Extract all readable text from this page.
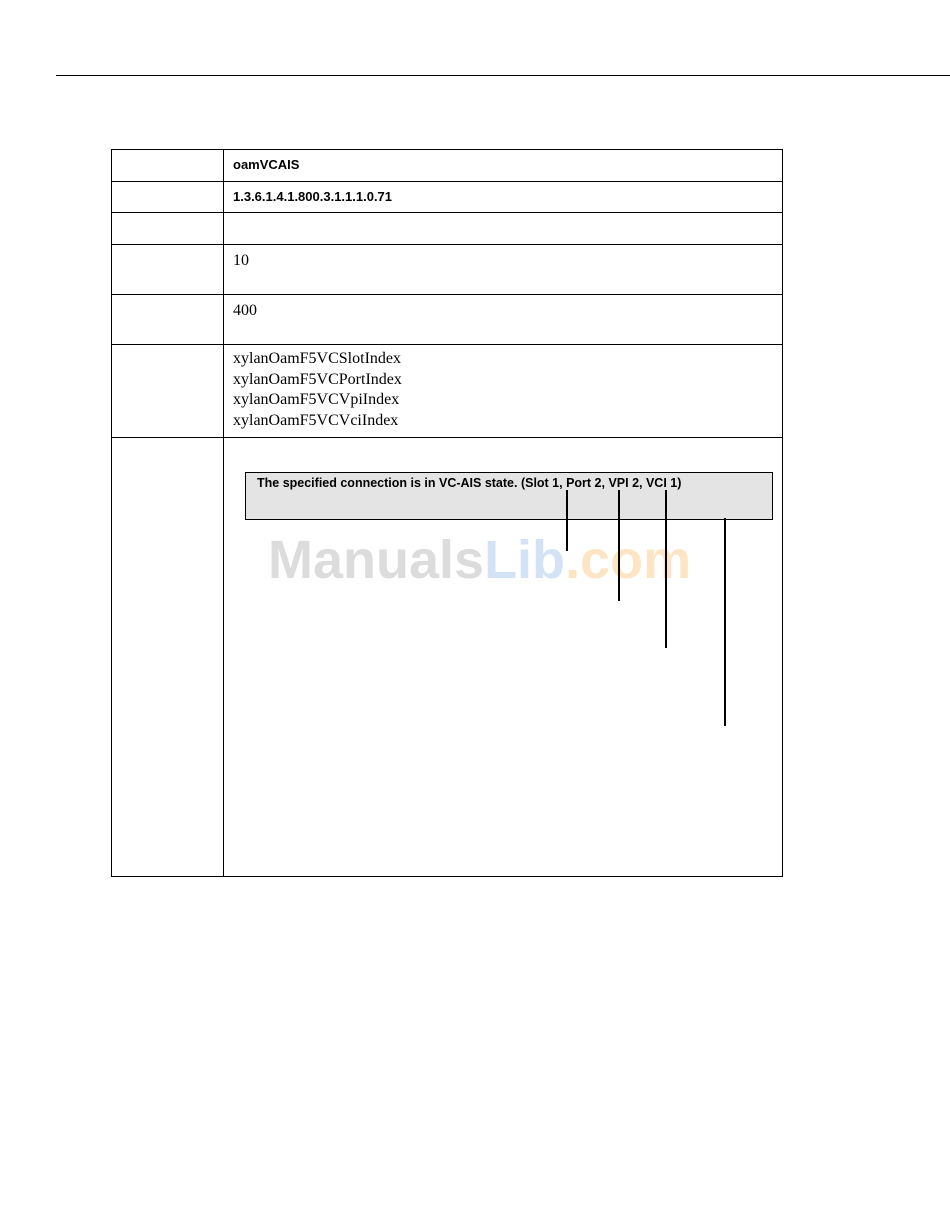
	oamVCAIS

	1.3.6.1.4.1.800.3.1.1.1.0.71

	10

	400

	xylanOamF5VCSlotIndex
xylanOamF5VCPortIndex
xylanOamF5VCVpiIndex
xylanOamF5VCVciIndex

	ManualsLib.com
The specified connection is in VC-AIS state. (Slot 1, Port 2, VPI 2, VCI 1)
